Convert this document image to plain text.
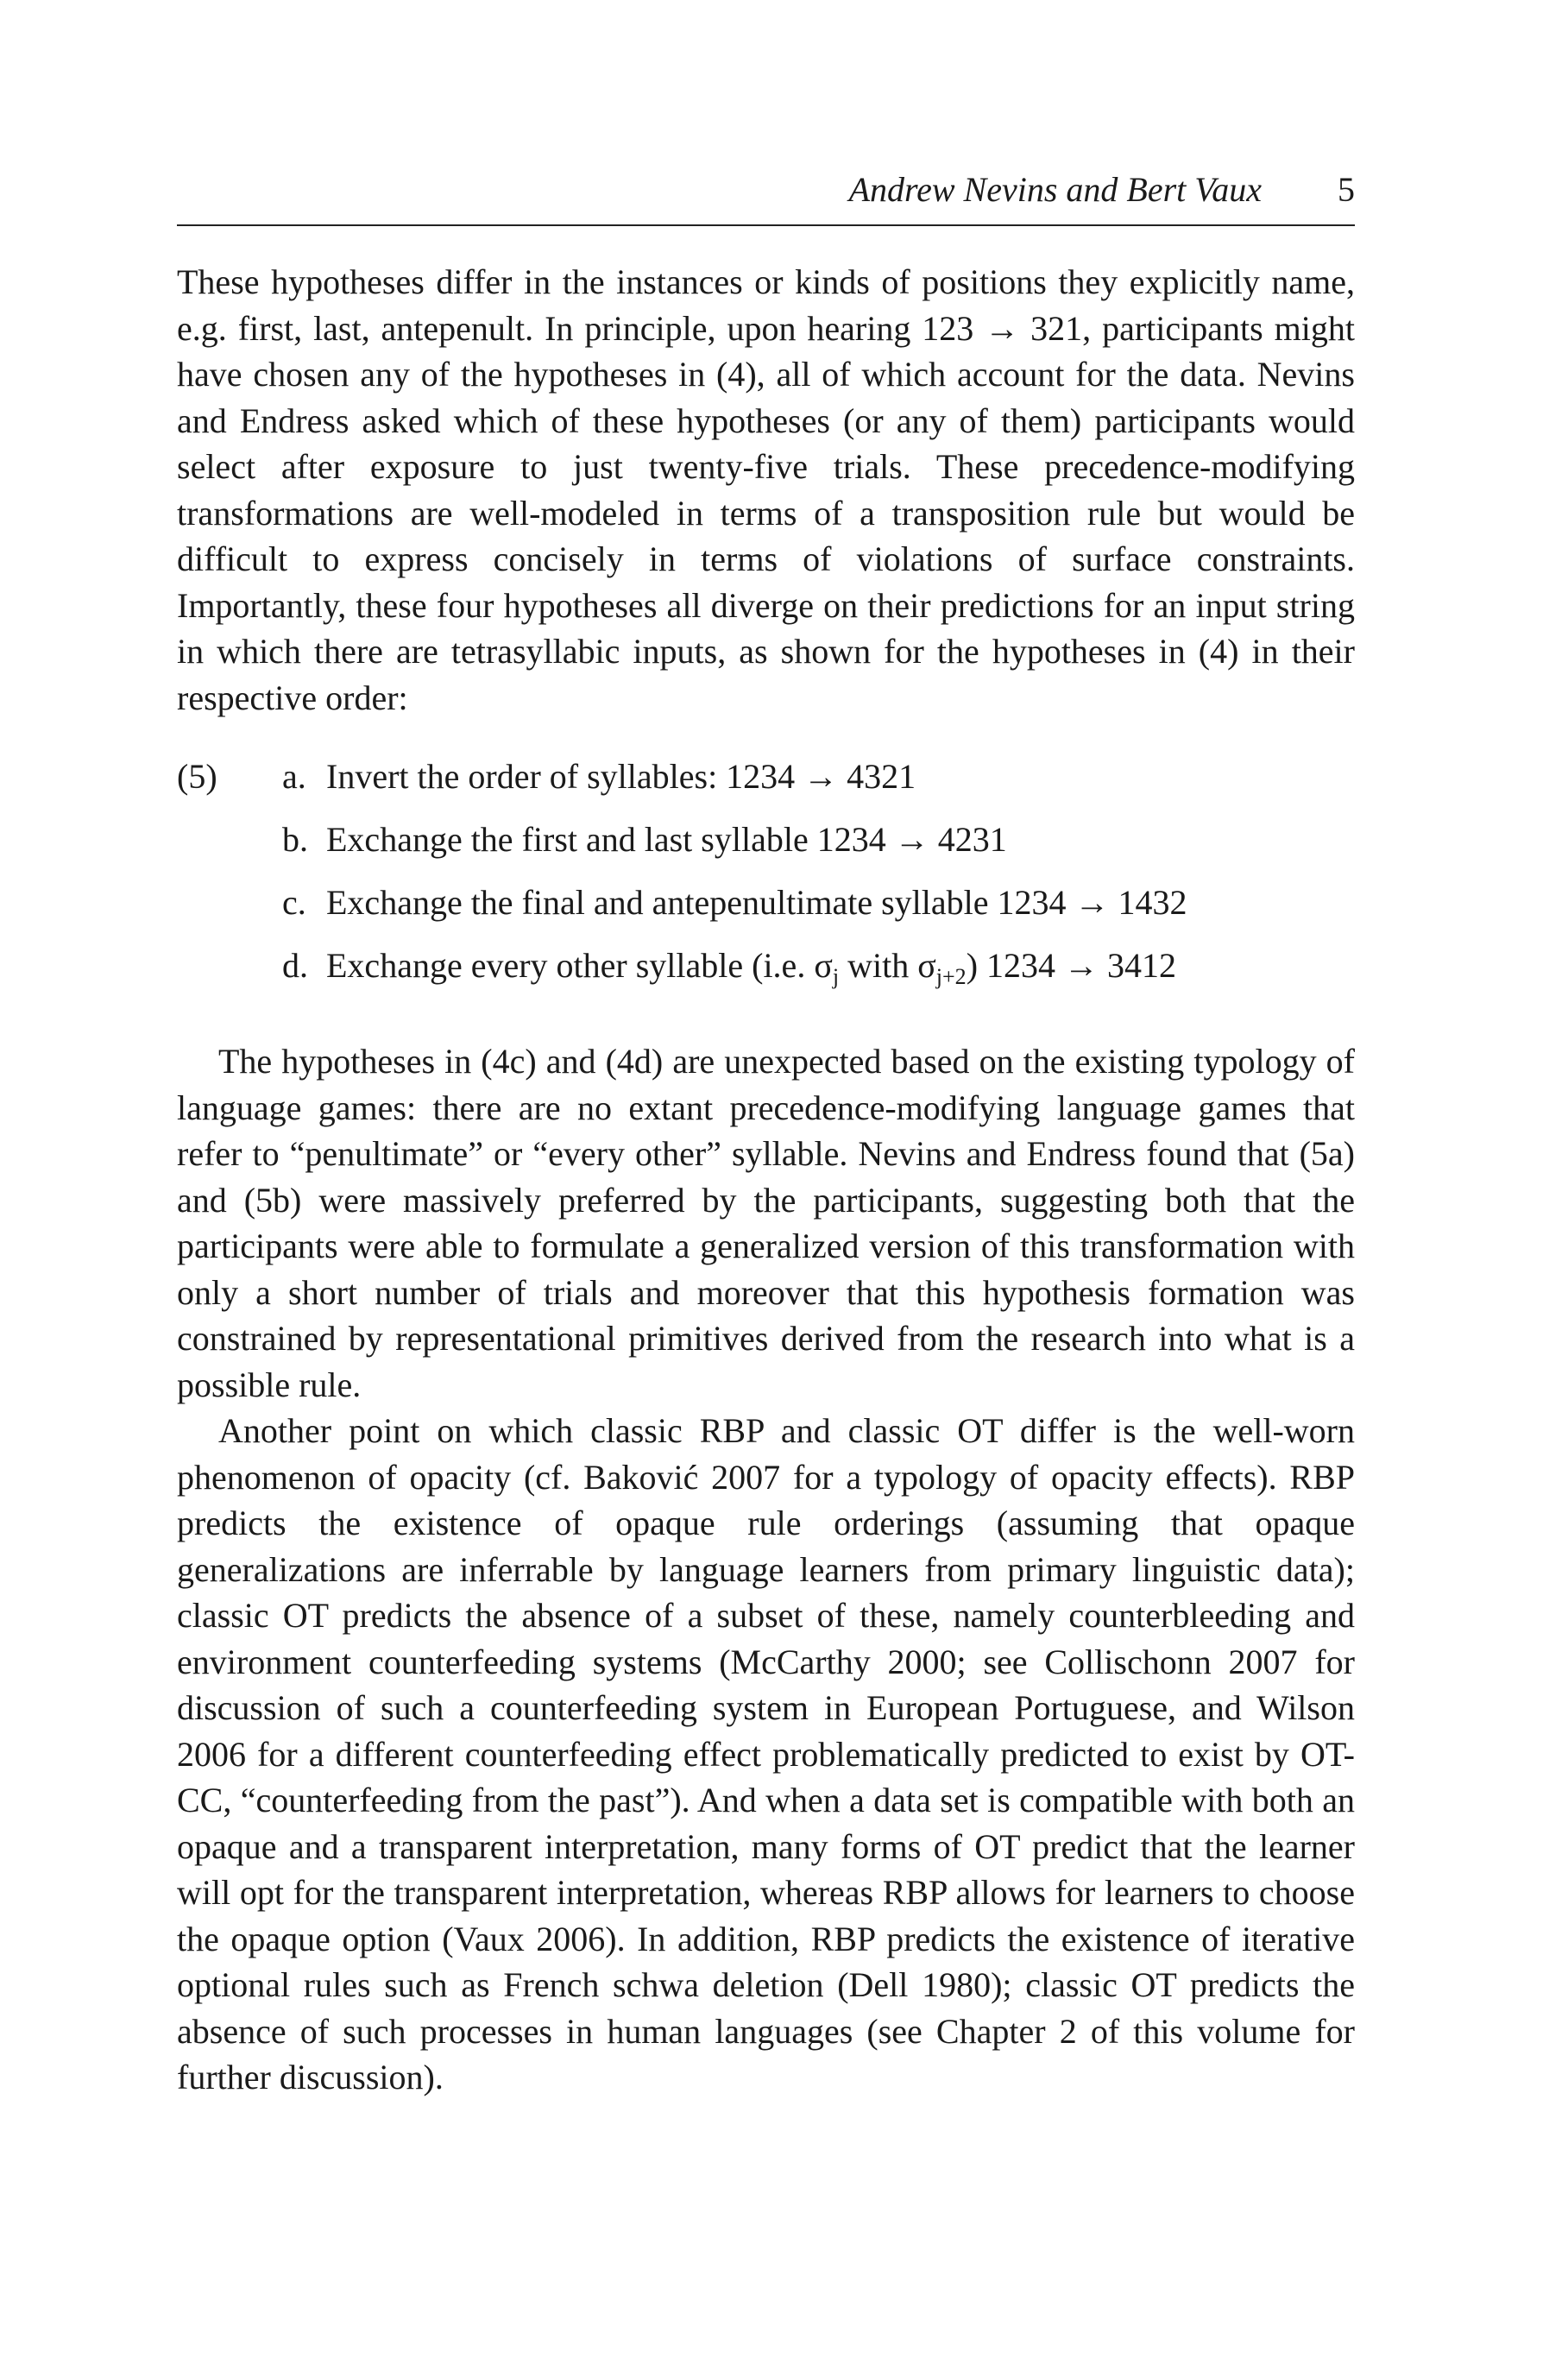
Andrew Nevins and Bert Vaux 5

These hypotheses differ in the instances or kinds of positions they explicitly name, e.g. first, last, antepenult. In principle, upon hearing 123 → 321, participants might have chosen any of the hypotheses in (4), all of which account for the data. Nevins and Endress asked which of these hypotheses (or any of them) participants would select after exposure to just twenty-five trials. These precedence-modifying transformations are well-modeled in terms of a transposition rule but would be difficult to express concisely in terms of violations of surface constraints. Importantly, these four hypotheses all diverge on their predictions for an input string in which there are tetrasyllabic inputs, as shown for the hypotheses in (4) in their respective order:

(5) a. Invert the order of syllables: 1234 → 4321
b. Exchange the first and last syllable 1234 → 4231
c. Exchange the final and antepenultimate syllable 1234 → 1432
d. Exchange every other syllable (i.e. $\sigma_j$ with $\sigma_{j+2}$) 1234 → 3412

The hypotheses in (4c) and (4d) are unexpected based on the existing typology of language games: there are no extant precedence-modifying language games that refer to “penultimate” or “every other” syllable. Nevins and Endress found that (5a) and (5b) were massively preferred by the participants, suggesting both that the participants were able to formulate a generalized version of this transformation with only a short number of trials and moreover that this hypothesis formation was constrained by representational primitives derived from the research into what is a possible rule.

Another point on which classic RBP and classic OT differ is the well-worn phenomenon of opacity (cf. Baković 2007 for a typology of opacity effects). RBP predicts the existence of opaque rule orderings (assuming that opaque generalizations are inferrable by language learners from primary linguistic data); classic OT predicts the absence of a subset of these, namely counterbleeding and environment counterfeeding systems (McCarthy 2000; see Collischonn 2007 for discussion of such a counterfeeding system in European Portuguese, and Wilson 2006 for a different counterfeeding effect problematically predicted to exist by OT-CC, “counterfeeding from the past”). And when a data set is compatible with both an opaque and a transparent interpretation, many forms of OT predict that the learner will opt for the transparent interpretation, whereas RBP allows for learners to choose the opaque option (Vaux 2006). In addition, RBP predicts the existence of iterative optional rules such as French schwa deletion (Dell 1980); classic OT predicts the absence of such processes in human languages (see Chapter 2 of this volume for further discussion).
